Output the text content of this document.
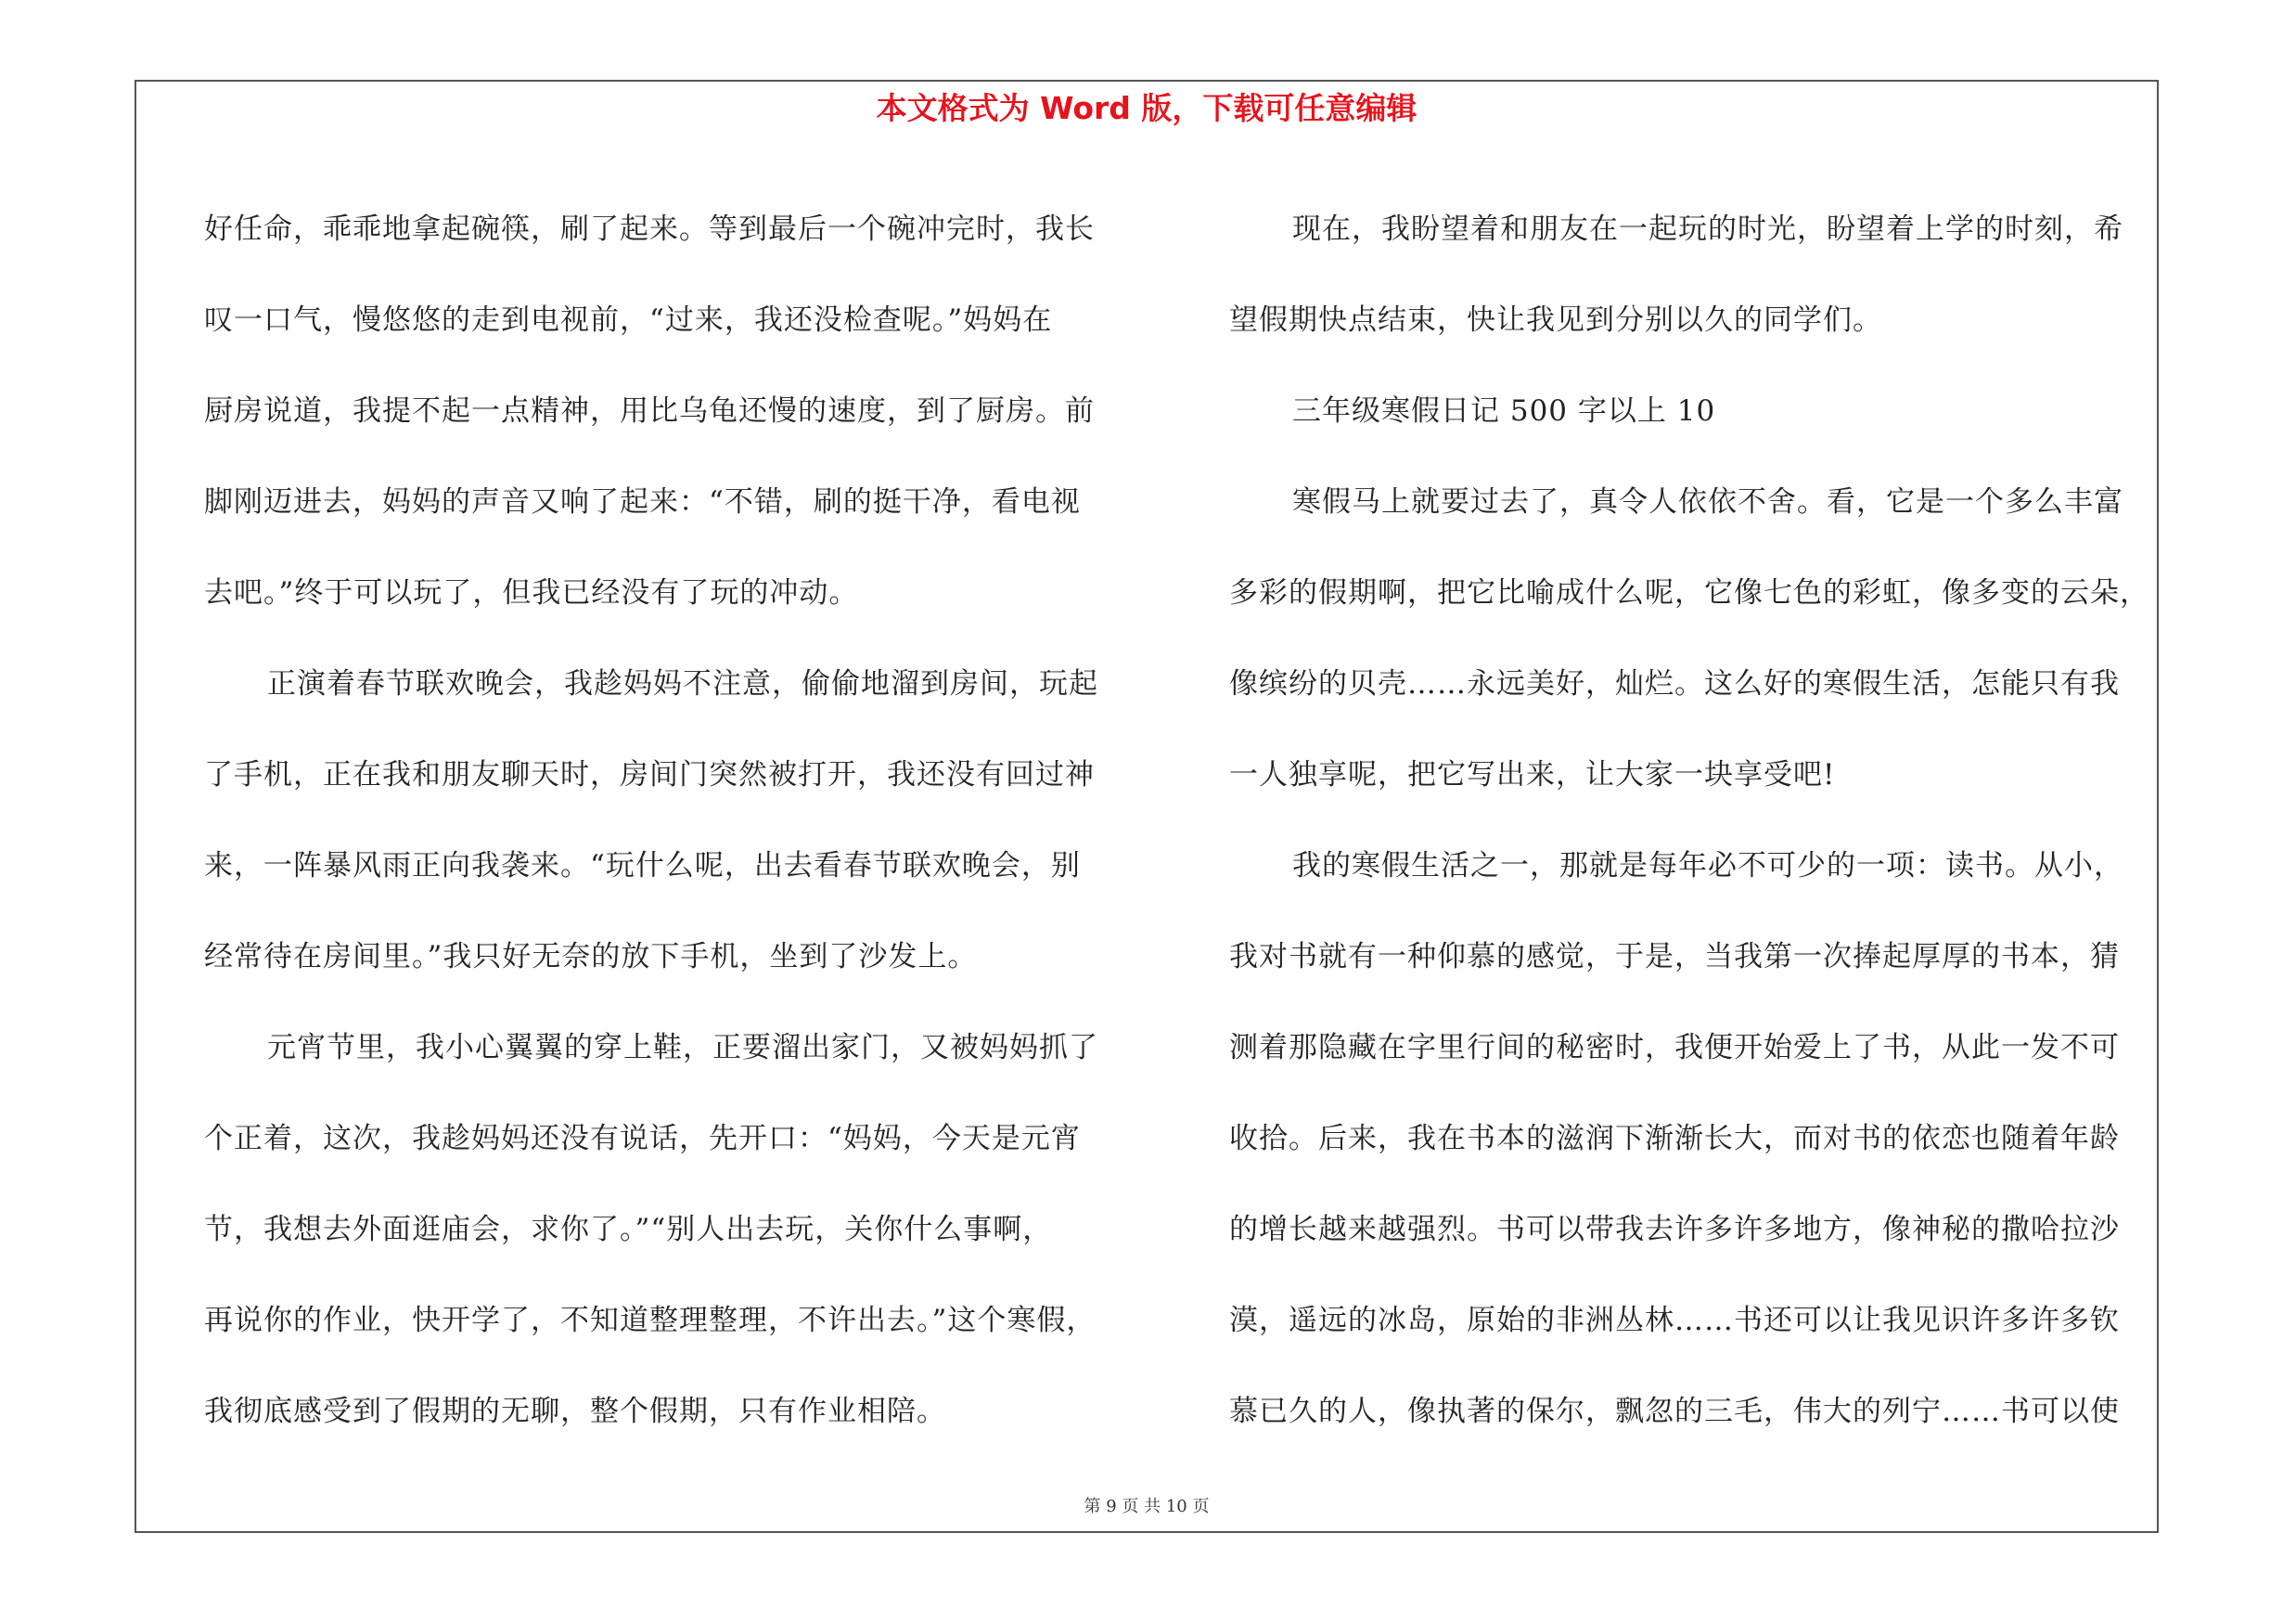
本文格式为 Word 版，下载可任意编辑
好任命，乖乖地拿起碗筷，刷了起来。等到最后一个碗冲完时，我长
叹一口气，慢悠悠的走到电视前，“过来，我还没检查呢。”妈妈在
厨房说道，我提不起一点精神，用比乌龟还慢的速度，到了厨房。前
脚刚迈进去，妈妈的声音又响了起来：“不错，刷的挺干净，看电视
去吧。”终于可以玩了，但我已经没有了玩的冲动。
正演着春节联欢晚会，我趁妈妈不注意，偷偷地溜到房间，玩起
了手机，正在我和朋友聊天时，房间门突然被打开，我还没有回过神
来，一阵暴风雨正向我袭来。“玩什么呢，出去看春节联欢晚会，别
经常待在房间里。”我只好无奈的放下手机，坐到了沙发上。
元宵节里，我小心翼翼的穿上鞋，正要溜出家门，又被妈妈抓了
个正着，这次，我趁妈妈还没有说话，先开口：“妈妈，今天是元宵
节，我想去外面逛庙会，求你了。”“别人出去玩，关你什么事啊，
再说你的作业，快开学了，不知道整理整理，不许出去。”这个寒假，
我彻底感受到了假期的无聊，整个假期，只有作业相陪。
现在，我盼望着和朋友在一起玩的时光，盼望着上学的时刻，希
望假期快点结束，快让我见到分别以久的同学们。
三年级寒假日记 500 字以上 10
寒假马上就要过去了，真令人依依不舍。看，它是一个多么丰富
多彩的假期啊，把它比喻成什么呢，它像七色的彩虹，像多变的云朵，
像缤纷的贝壳……永远美好，灿烂。这么好的寒假生活，怎能只有我
一人独享呢，把它写出来，让大家一块享受吧!
我的寒假生活之一，那就是每年必不可少的一项：读书。从小，
我对书就有一种仰慕的感觉，于是，当我第一次捧起厚厚的书本，猜
测着那隐藏在字里行间的秘密时，我便开始爱上了书，从此一发不可
收拾。后来，我在书本的滋润下渐渐长大，而对书的依恋也随着年龄
的增长越来越强烈。书可以带我去许多许多地方，像神秘的撒哈拉沙
漠，遥远的冰岛，原始的非洲丛林……书还可以让我见识许多许多钦
慕已久的人，像执著的保尔，飘忽的三毛，伟大的列宁……书可以使
第 9 页 共 10 页
